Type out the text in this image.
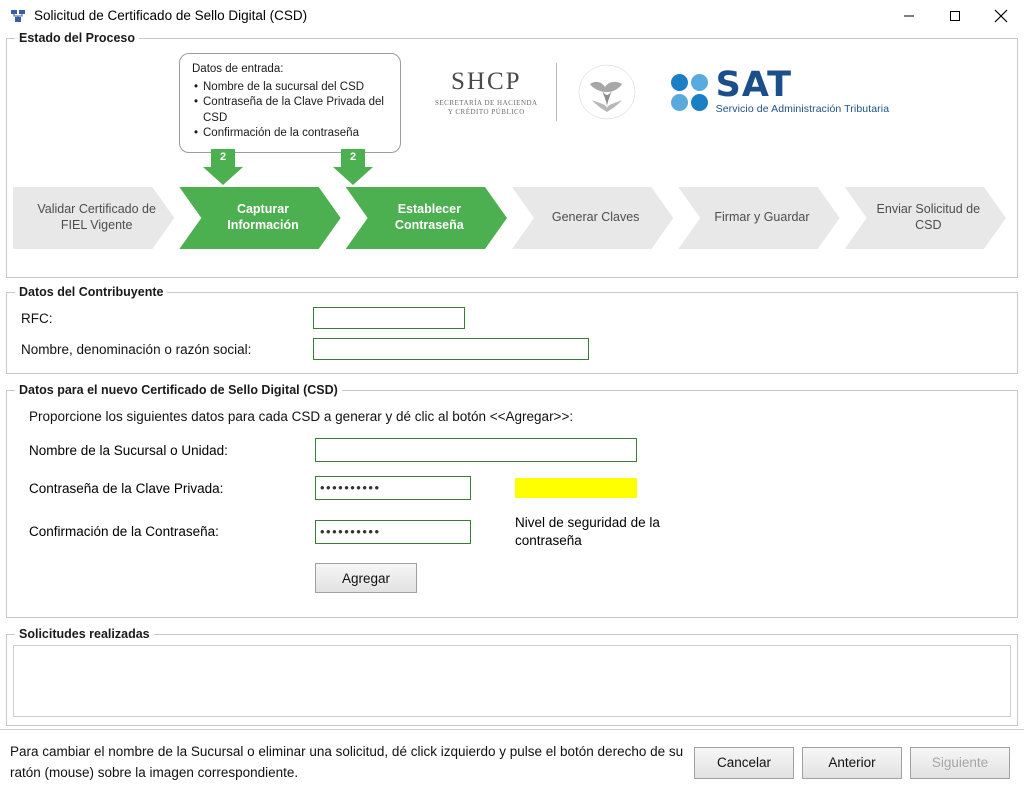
Solicitud de Certificado de Sello Digital (CSD)
Estado del Proceso
Datos de entrada:
• Nombre de la sucursal del CSD
• Contraseña de la Clave Privada del CSD
• Confirmación de la contraseña
SHCP
SECRETARÍA DE HACIENDA
Y CRÉDITO PÚBLICO
SAT
Servicio de Administración Tributaria
2	2
Validar Certificado de FIEL Vigente
Capturar Información
Establecer Contraseña
Generar Claves	Firmar y Guardar
Enviar Solicitud de CSD
Datos del Contribuyente
RFC:
Nombre, denominación o razón social:
Datos para el nuevo Certificado de Sello Digital (CSD)
Proporcione los siguientes datos para cada CSD a generar y dé clic al botón <<Agregar>>:
Nombre de la Sucursal o Unidad:
Contraseña de la Clave Privada:	••••••••••
Confirmación de la Contraseña:	••••••••••
Nivel de seguridad de la contraseña
Agregar
Solicitudes realizadas
Para cambiar el nombre de la Sucursal o eliminar una solicitud, dé click izquierdo y pulse el botón derecho de su ratón (mouse) sobre la imagen correspondiente.
Cancelar	Anterior	Siguiente
